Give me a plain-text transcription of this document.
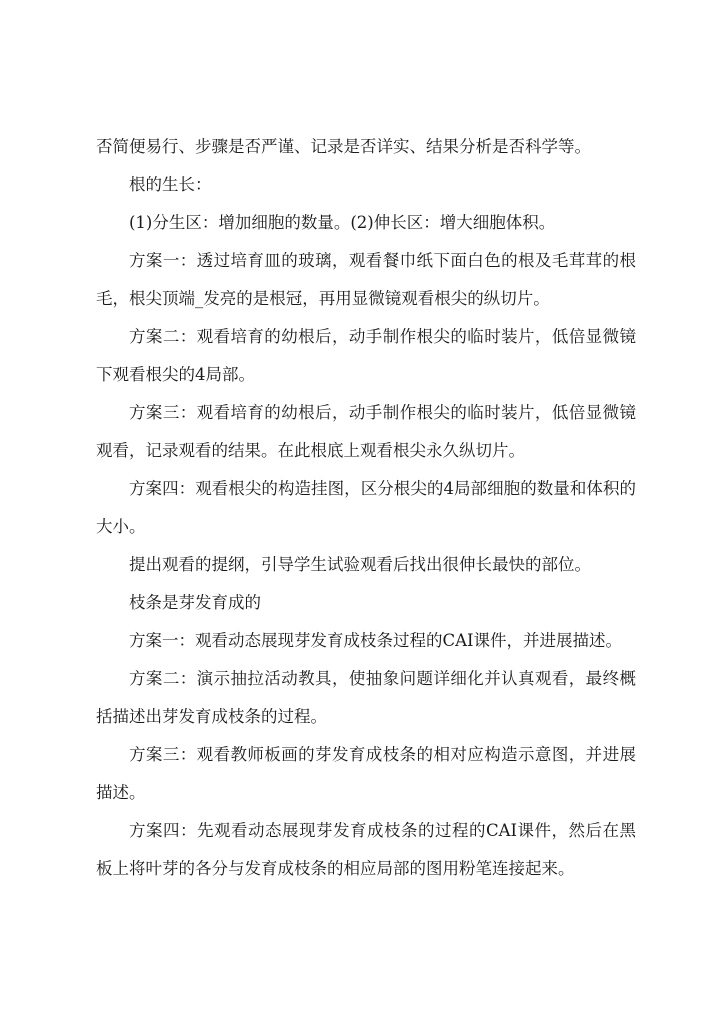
否简便易行、步骤是否严谨、记录是否详实、结果分析是否科学等。

根的生长：

(1)分生区：增加细胞的数量。(2)伸长区：增大细胞体积。

方案一：透过培育皿的玻璃，观看餐巾纸下面白色的根及毛茸茸的根毛，根尖顶端_发亮的是根冠，再用显微镜观看根尖的纵切片。

方案二：观看培育的幼根后，动手制作根尖的临时装片，低倍显微镜下观看根尖的4局部。

方案三：观看培育的幼根后，动手制作根尖的临时装片，低倍显微镜观看，记录观看的结果。在此根底上观看根尖永久纵切片。

方案四：观看根尖的构造挂图，区分根尖的4局部细胞的数量和体积的大小。

提出观看的提纲，引导学生试验观看后找出很伸长最快的部位。

枝条是芽发育成的

方案一：观看动态展现芽发育成枝条过程的CAI课件，并进展描述。

方案二：演示抽拉活动教具，使抽象问题详细化并认真观看，最终概括描述出芽发育成枝条的过程。

方案三：观看教师板画的芽发育成枝条的相对应构造示意图，并进展描述。

方案四：先观看动态展现芽发育成枝条的过程的CAI课件，然后在黑板上将叶芽的各分与发育成枝条的相应局部的图用粉笔连接起来。
